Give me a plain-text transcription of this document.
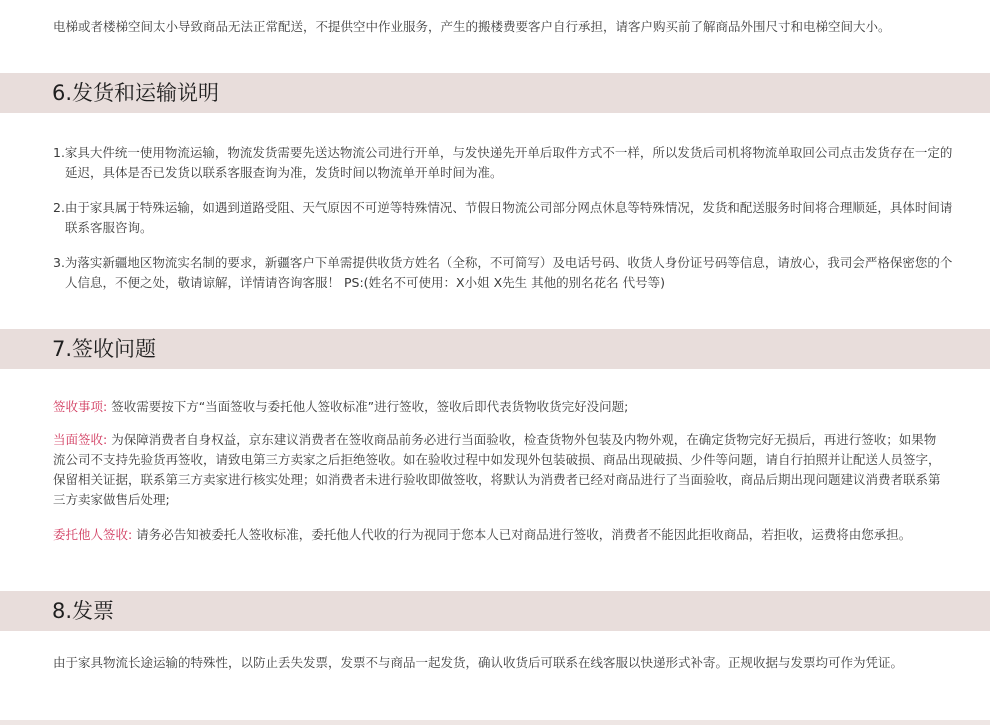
电梯或者楼梯空间太小导致商品无法正常配送，不提供空中作业服务，产生的搬楼费要客户自行承担，请客户购买前了解商品外围尺寸和电梯空间大小。

6.发货和运输说明

1.家具大件统一使用物流运输，物流发货需要先送达物流公司进行开单，与发快递先开单后取件方式不一样，所以发货后司机将物流单取回公司点击发货存在一定的延迟，具体是否已发货以联系客服查询为准，发货时间以物流单开单时间为准。

2.由于家具属于特殊运输，如遇到道路受阻、天气原因不可逆等特殊情况、节假日物流公司部分网点休息等特殊情况，发货和配送服务时间将合理顺延，具体时间请联系客服咨询。

3.为落实新疆地区物流实名制的要求，新疆客户下单需提供收货方姓名（全称，不可简写）及电话号码、收货人身份证号码等信息，请放心，我司会严格保密您的个人信息，不便之处，敬请谅解，详情请咨询客服！ PS:(姓名不可使用：X小姐 X先生 其他的别名花名 代号等)

7.签收问题

签收事项: 签收需要按下方“当面签收与委托他人签收标准”进行签收，签收后即代表货物收货完好没问题;

当面签收: 为保障消费者自身权益，京东建议消费者在签收商品前务必进行当面验收，检查货物外包装及内物外观，在确定货物完好无损后，再进行签收；如果物流公司不支持先验货再签收，请致电第三方卖家之后拒绝签收。如在验收过程中如发现外包装破损、商品出现破损、少件等问题，请自行拍照并让配送人员签字，保留相关证据，联系第三方卖家进行核实处理；如消费者未进行验收即做签收，将默认为消费者已经对商品进行了当面验收，商品后期出现问题建议消费者联系第三方卖家做售后处理;

委托他人签收: 请务必告知被委托人签收标准，委托他人代收的行为视同于您本人已对商品进行签收，消费者不能因此拒收商品，若拒收，运费将由您承担。

8.发票

由于家具物流长途运输的特殊性，以防止丢失发票，发票不与商品一起发货，确认收货后可联系在线客服以快递形式补寄。正规收据与发票均可作为凭证。
